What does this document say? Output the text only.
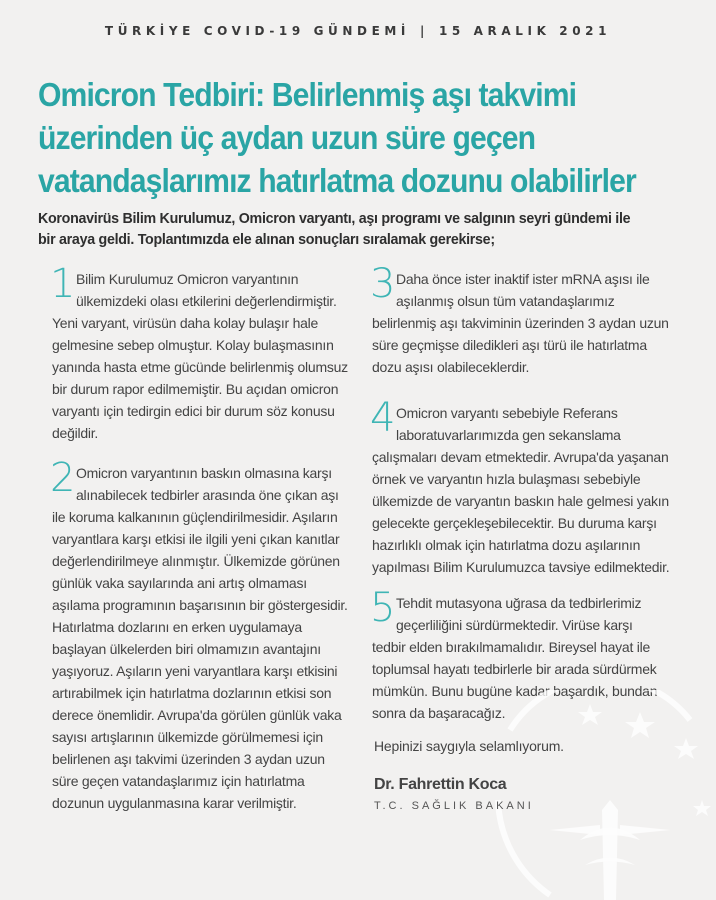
TÜRKİYE COVID-19 GÜNDEMİ | 15 ARALIK 2021
Omicron Tedbiri: Belirlenmiş aşı takvimi
üzerinden üç aydan uzun süre geçen
vatandaşlarımız hatırlatma dozunu olabilirler
Koronavirüs Bilim Kurulumuz, Omicron varyantı, aşı programı ve salgının seyri gündemi ile
bir araya geldi. Toplantımızda ele alınan sonuçları sıralamak gerekirse;
1 Bilim Kurulumuz Omicron varyantının
ülkemizdeki olası etkilerini değerlendirmiştir.
Yeni varyant, virüsün daha kolay bulaşır hale
gelmesine sebep olmuştur. Kolay bulaşmasının
yanında hasta etme gücünde belirlenmiş olumsuz
bir durum rapor edilmemiştir. Bu açıdan omicron
varyantı için tedirgin edici bir durum söz konusu
değildir.
2 Omicron varyantının baskın olmasına karşı
alınabilecek tedbirler arasında öne çıkan aşı
ile koruma kalkanının güçlendirilmesidir. Aşıların
varyantlara karşı etkisi ile ilgili yeni çıkan kanıtlar
değerlendirilmeye alınmıştır. Ülkemizde görünen
günlük vaka sayılarında ani artış olmaması
aşılama programının başarısının bir göstergesidir.
Hatırlatma dozlarını en erken uygulamaya
başlayan ülkelerden biri olmamızın avantajını
yaşıyoruz. Aşıların yeni varyantlara karşı etkisini
artırabilmek için hatırlatma dozlarının etkisi son
derece önemlidir. Avrupa'da görülen günlük vaka
sayısı artışlarının ülkemizde görülmemesi için
belirlenen aşı takvimi üzerinden 3 aydan uzun
süre geçen vatandaşlarımız için hatırlatma
dozunun uygulanmasına karar verilmiştir.
3 Daha önce ister inaktif ister mRNA aşısı ile
aşılanmış olsun tüm vatandaşlarımız
belirlenmiş aşı takviminin üzerinden 3 aydan uzun
süre geçmişse diledikleri aşı türü ile hatırlatma
dozu aşısı olabileceklerdir.
4 Omicron varyantı sebebiyle Referans
laboratuvarlarımızda gen sekanslama
çalışmaları devam etmektedir. Avrupa'da yaşanan
örnek ve varyantın hızla bulaşması sebebiyle
ülkemizde de varyantın baskın hale gelmesi yakın
gelecekte gerçekleşebilecektir. Bu duruma karşı
hazırlıklı olmak için hatırlatma dozu aşılarının
yapılması Bilim Kurulumuzca tavsiye edilmektedir.
5 Tehdit mutasyona uğrasa da tedbirlerimiz
geçerliliğini sürdürmektedir. Virüse karşı
tedbir elden bırakılmamalıdır. Bireysel hayat ile
toplumsal hayatı tedbirlerle bir arada sürdürmek
mümkün. Bunu bugüne kadar başardık, bundan
sonra da başaracağız.
Hepinizi saygıyla selamlıyorum.
Dr. Fahrettin Koca
T.C. SAĞLIK BAKANI
